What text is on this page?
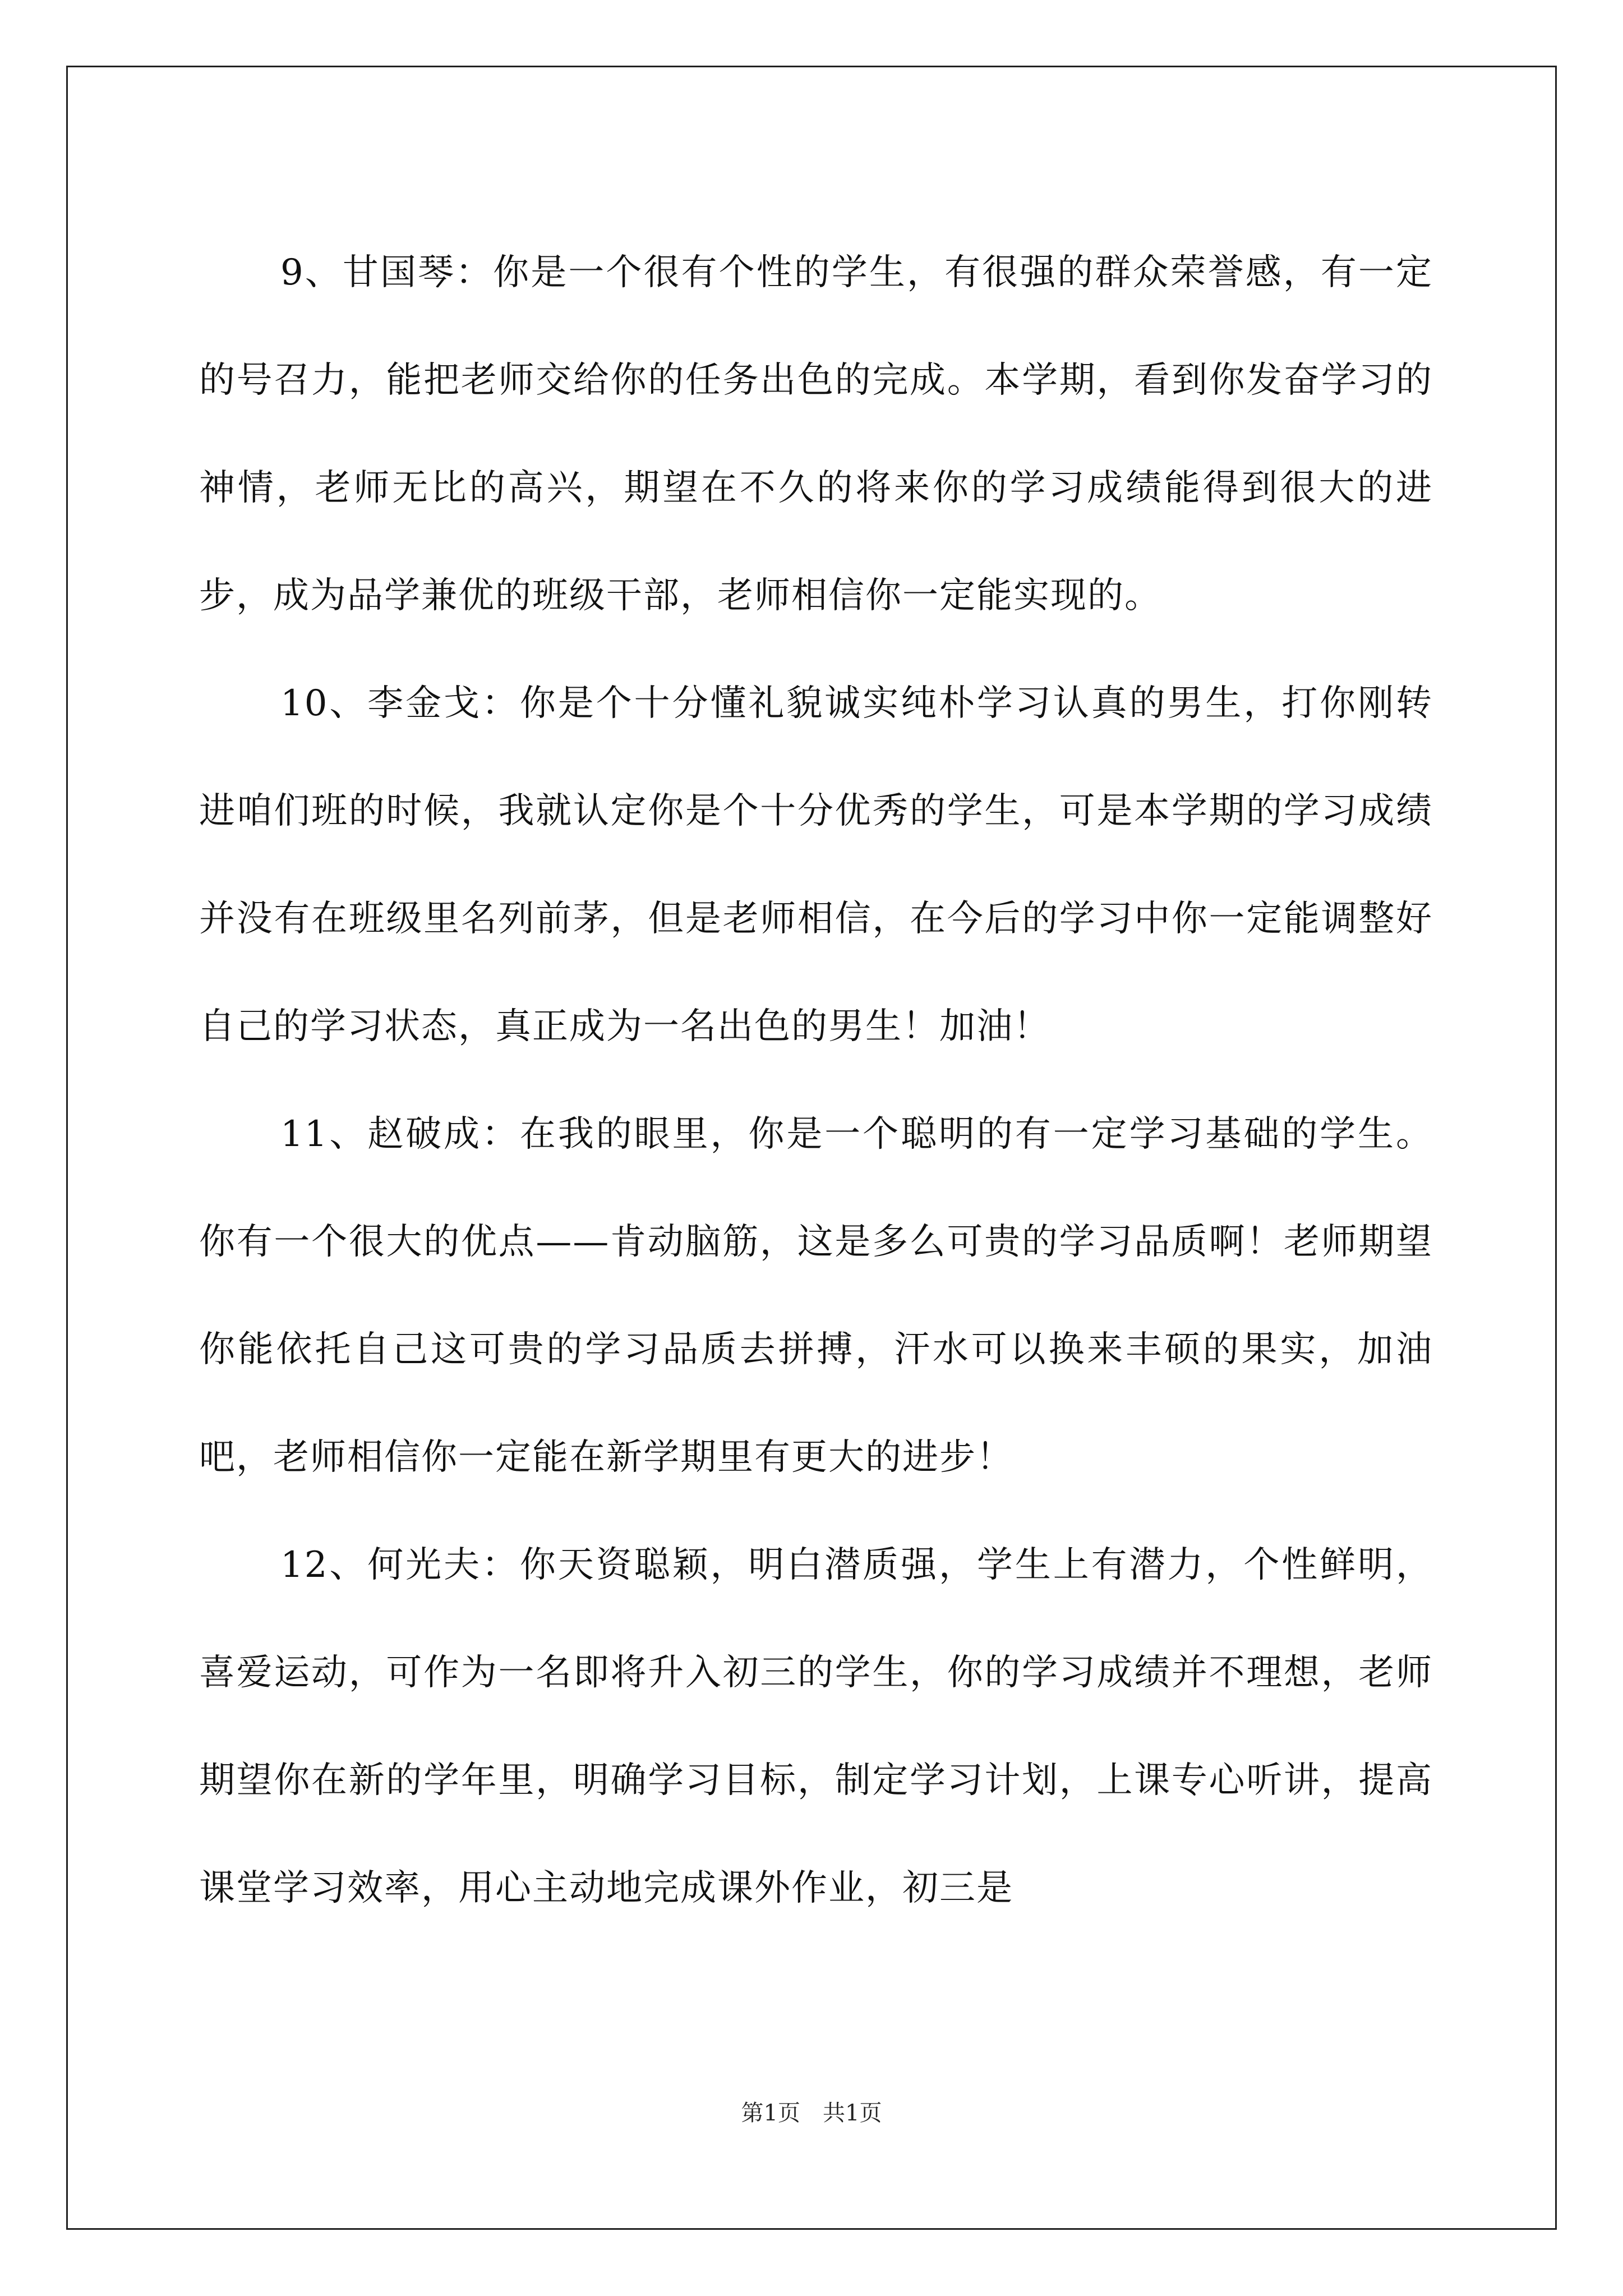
9、甘国琴：你是一个很有个性的学生，有很强的群众荣誉感，有一定的号召力，能把老师交给你的任务出色的完成。本学期，看到你发奋学习的神情，老师无比的高兴，期望在不久的将来你的学习成绩能得到很大的进步，成为品学兼优的班级干部，老师相信你一定能实现的。

10、李金戈：你是个十分懂礼貌诚实纯朴学习认真的男生，打你刚转进咱们班的时候，我就认定你是个十分优秀的学生，可是本学期的学习成绩并没有在班级里名列前茅，但是老师相信，在今后的学习中你一定能调整好自己的学习状态，真正成为一名出色的男生！加油！

11、赵破成：在我的眼里，你是一个聪明的有一定学习基础的学生。你有一个很大的优点——肯动脑筋，这是多么可贵的学习品质啊！老师期望你能依托自己这可贵的学习品质去拼搏，汗水可以换来丰硕的果实，加油吧，老师相信你一定能在新学期里有更大的进步！

12、何光夫：你天资聪颖，明白潜质强，学生上有潜力，个性鲜明，喜爱运动，可作为一名即将升入初三的学生，你的学习成绩并不理想，老师期望你在新的学年里，明确学习目标，制定学习计划，上课专心听讲，提高课堂学习效率，用心主动地完成课外作业，初三是

第1页　共1页
